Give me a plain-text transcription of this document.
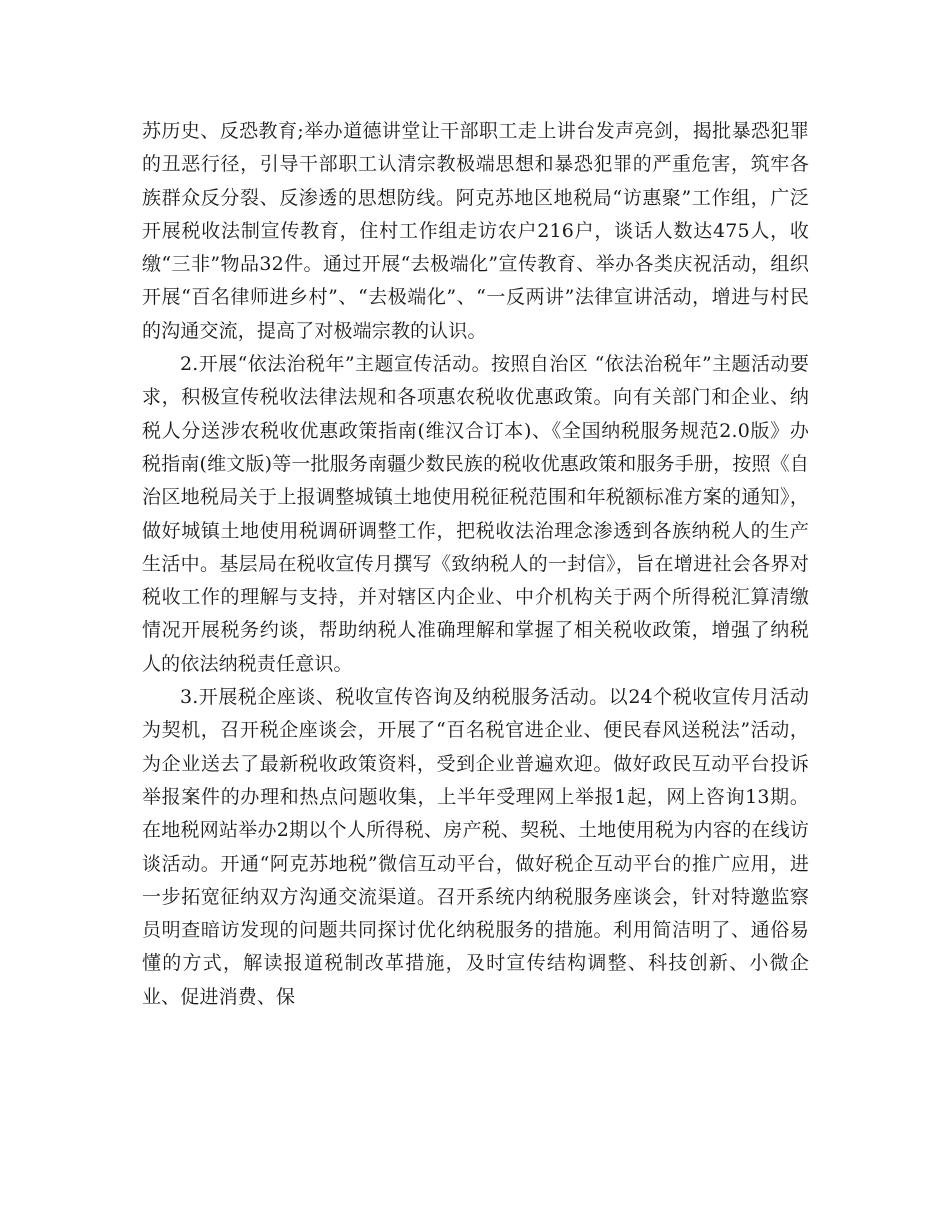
苏历史、反恐教育;举办道德讲堂让干部职工走上讲台发声亮剑，揭批暴恐犯罪的丑恶行径，引导干部职工认清宗教极端思想和暴恐犯罪的严重危害，筑牢各族群众反分裂、反渗透的思想防线。阿克苏地区地税局“访惠聚”工作组，广泛开展税收法制宣传教育，住村工作组走访农户216户，谈话人数达475人，收缴“三非”物品32件。通过开展“去极端化”宣传教育、举办各类庆祝活动，组织开展“百名律师进乡村”、“去极端化”、“一反两讲”法律宣讲活动，增进与村民的沟通交流，提高了对极端宗教的认识。

2.开展“依法治税年”主题宣传活动。按照自治区 “依法治税年”主题活动要求，积极宣传税收法律法规和各项惠农税收优惠政策。向有关部门和企业、纳税人分送涉农税收优惠政策指南(维汉合订本)、《全国纳税服务规范2.0版》办税指南(维文版)等一批服务南疆少数民族的税收优惠政策和服务手册，按照《自治区地税局关于上报调整城镇土地使用税征税范围和年税额标准方案的通知》，做好城镇土地使用税调研调整工作，把税收法治理念渗透到各族纳税人的生产生活中。基层局在税收宣传月撰写《致纳税人的一封信》，旨在增进社会各界对税收工作的理解与支持，并对辖区内企业、中介机构关于两个所得税汇算清缴情况开展税务约谈，帮助纳税人准确理解和掌握了相关税收政策，增强了纳税人的依法纳税责任意识。

3.开展税企座谈、税收宣传咨询及纳税服务活动。以24个税收宣传月活动为契机，召开税企座谈会，开展了“百名税官进企业、便民春风送税法”活动，为企业送去了最新税收政策资料，受到企业普遍欢迎。做好政民互动平台投诉举报案件的办理和热点问题收集，上半年受理网上举报1起，网上咨询13期。在地税网站举办2期以个人所得税、房产税、契税、土地使用税为内容的在线访谈活动。开通“阿克苏地税”微信互动平台，做好税企互动平台的推广应用，进一步拓宽征纳双方沟通交流渠道。召开系统内纳税服务座谈会，针对特邀监察员明查暗访发现的问题共同探讨优化纳税服务的措施。利用简洁明了、通俗易懂的方式，解读报道税制改革措施，及时宣传结构调整、科技创新、小微企业、促进消费、保
